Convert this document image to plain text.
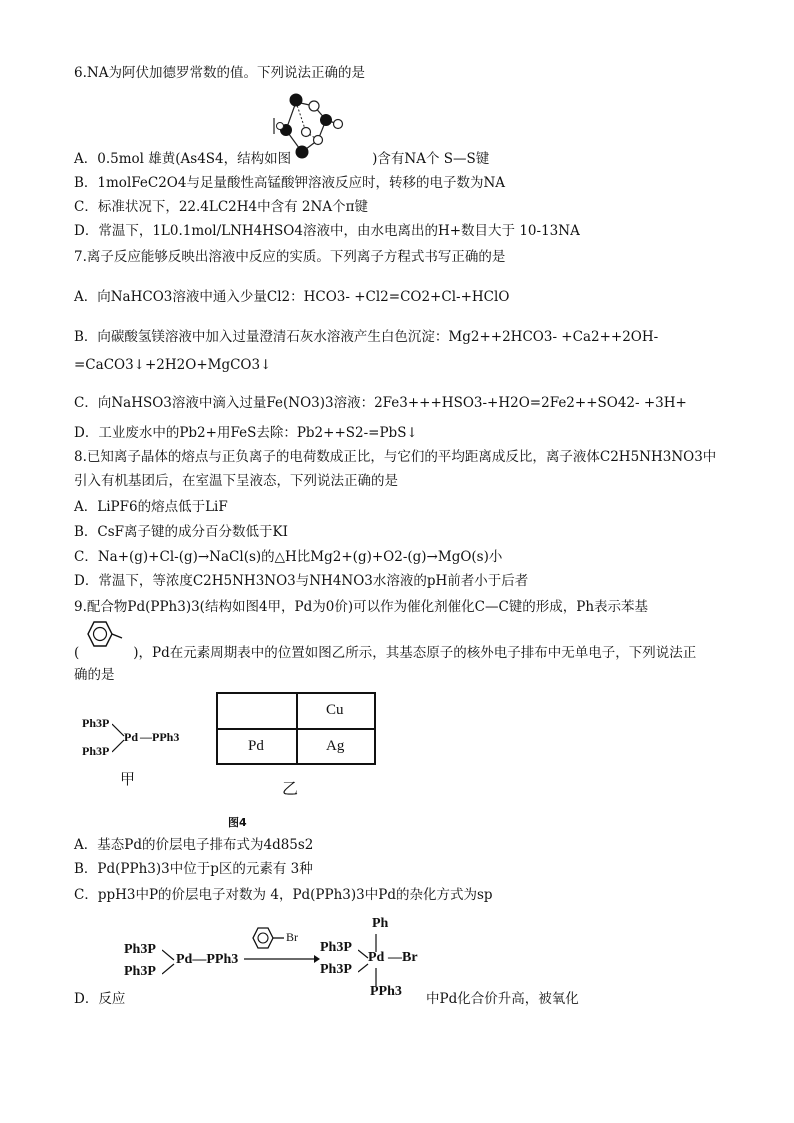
6.NA为阿伏加德罗常数的值。下列说法正确的是
A．0.5mol 雄黄(As4S4，结构如图　　　　　　)含有NA个 S—S键
B．1molFeC2O4与足量酸性高锰酸钾溶液反应时，转移的电子数为NA
C．标准状况下，22.4LC2H4中含有 2NA个π键
D．常温下，1L0.1mol/LNH4HSO4溶液中，由水电离出的H+数目大于 10-13NA
7.离子反应能够反映出溶液中反应的实质。下列离子方程式书写正确的是
A．向NaHCO3溶液中通入少量Cl2：HCO3- +Cl2=CO2+Cl-+HClO
B．向碳酸氢镁溶液中加入过量澄清石灰水溶液产生白色沉淀：Mg2++2HCO3- +Ca2++2OH-
=CaCO3↓+2H2O+MgCO3↓
C．向NaHSO3溶液中滴入过量Fe(NO3)3溶液：2Fe3+++HSO3-+H2O=2Fe2++SO42- +3H+
D．工业废水中的Pb2+用FeS去除：Pb2++S2-=PbS↓
8.已知离子晶体的熔点与正负离子的电荷数成正比，与它们的平均距离成反比，离子液体C2H5NH3NO3中
引入有机基团后，在室温下呈液态，下列说法正确的是
A．LiPF6的熔点低于LiF
B．CsF离子键的成分百分数低于KI
C．Na+(g)+Cl-(g)→NaCl(s)的△H比Mg2+(g)+O2-(g)→MgO(s)小
D．常温下，等浓度C2H5NH3NO3与NH4NO3水溶液的pH前者小于后者
9.配合物Pd(PPh3)3(结构如图4甲，Pd为0价)可以作为催化剂催化C—C键的形成，Ph表示苯基
(　　　　)，Pd在元素周期表中的位置如图乙所示，其基态原子的核外电子排布中无单电子，下列说法正
确的是
Ph3P
Ph3P
Pd —PPh3
甲
Cu
Pd	Ag
乙
图4
A．基态Pd的价层电子排布式为4d85s2
B．Pd(PPh3)3中位于p区的元素有 3种
C．ppH3中P的价层电子对数为 4，Pd(PPh3)3中Pd的杂化方式为sp
Ph3P
Ph3P
Pd—PPh3
Br
Ph
Ph3P
Ph3P
Pd —Br
PPh3
D．反应	中Pd化合价升高，被氧化
